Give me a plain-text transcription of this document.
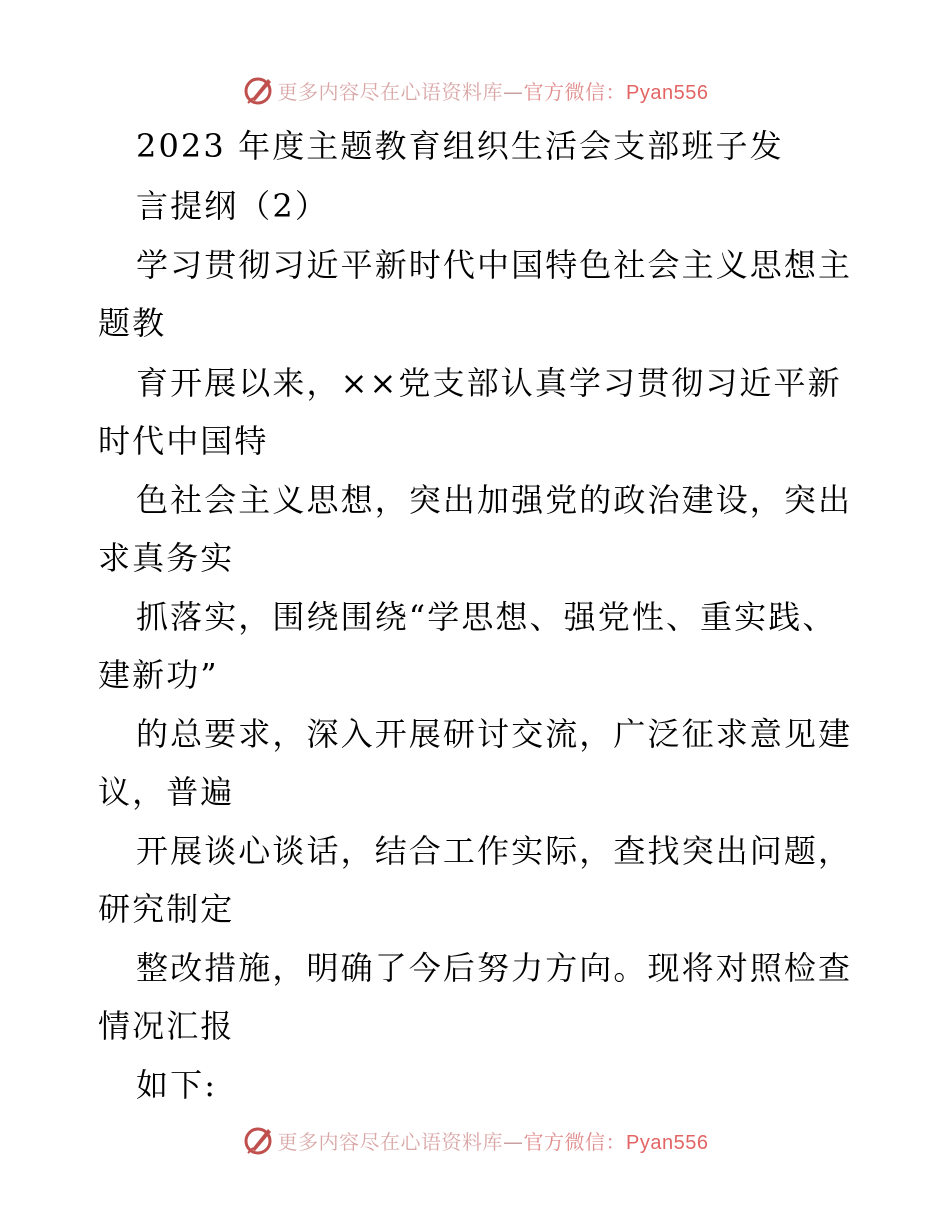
更多内容尽在心语资料库—官方微信：Pyan556
2023 年度主题教育组织生活会支部班子发
言提纲（2）
学习贯彻习近平新时代中国特色社会主义思想主
题教
育开展以来，××党支部认真学习贯彻习近平新
时代中国特
色社会主义思想，突出加强党的政治建设，突出
求真务实
抓落实，围绕围绕“学思想、强党性、重实践、
建新功”
的总要求，深入开展研讨交流，广泛征求意见建
议，普遍
开展谈心谈话，结合工作实际，查找突出问题，
研究制定
整改措施，明确了今后努力方向。现将对照检查
情况汇报
如下:
更多内容尽在心语资料库—官方微信：Pyan556
